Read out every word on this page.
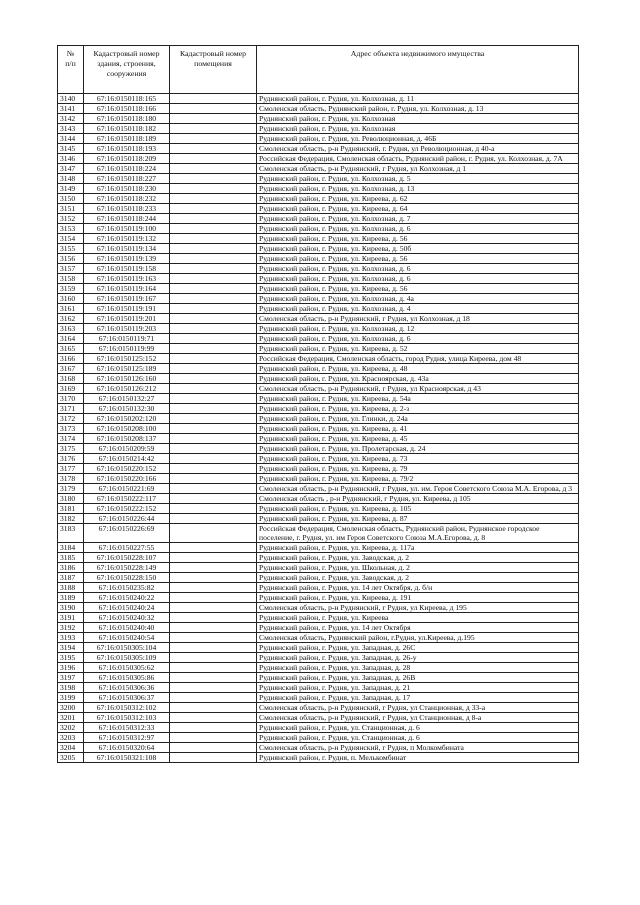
№
п/п	Кадастровый номер здания, строения, сооружения	Кадастровый номер помещения	Адрес объекта недвижимого имущества
3140	67:16:0150118:165		Руднянский район, г. Рудня, ул. Колхозная, д. 11
3141	67:16:0150118:166		Смоленская область, Руднянский район, г. Рудня, ул. Колхозная, д. 13
3142	67:16:0150118:180		Руднянский район, г. Рудня, ул. Колхозная
3143	67:16:0150118:182		Руднянский район, г. Рудня, ул. Колхозная
3144	67:16:0150118:189		Руднянский район, г. Рудня, ул. Революционная, д. 46Б
3145	67:16:0150118:193		Смоленская область, р-н Руднянский, г. Рудня, ул Революционная, д 40-а
3146	67:16:0150118:209		Российская Федерация, Смоленская область, Руднянский район, г. Рудня, ул. Колхозная, д. 7А
3147	67:16:0150118:224		Смоленская область, р-н Руднянский, г Рудня, ул Колхозная, д 1
3148	67:16:0150118:227		Руднянский район, г. Рудня, ул. Колхозная, д. 5
3149	67:16:0150118:230		Руднянский район, г. Рудня, ул. Колхозная, д. 13
3150	67:16:0150118:232		Руднянский район, г. Рудня, ул. Киреева, д. 62
3151	67:16:0150118:233		Руднянский район, г. Рудня, ул. Киреева, д. 64
3152	67:16:0150118:244		Руднянский район, г. Рудня, ул. Колхозная, д. 7
3153	67:16:0150119:100		Руднянский район, г. Рудня, ул. Колхозная, д. 6
3154	67:16:0150119:132		Руднянский район, г. Рудня, ул. Киреева, д. 56
3155	67:16:0150119:134		Руднянский район, г. Рудня, ул. Киреева, д. 50б
3156	67:16:0150119:139		Руднянский район, г. Рудня, ул. Киреева, д. 56
3157	67:16:0150119:158		Руднянский район, г. Рудня, ул. Колхозная, д. 6
3158	67:16:0150119:163		Руднянский район, г. Рудня, ул. Колхозная, д. 6
3159	67:16:0150119:164		Руднянский район, г. Рудня, ул. Киреева, д. 56
3160	67:16:0150119:167		Руднянский район, г. Рудня, ул. Колхозная, д. 4а
3161	67:16:0150119:191		Руднянский район, г. Рудня, ул. Колхозная, д. 4
3162	67:16:0150119:201		Смоленская область, р-н Руднянский, г Рудня, ул Колхозная, д 18
3163	67:16:0150119:203		Руднянский район, г. Рудня, ул. Колхозная, д. 12
3164	67:16:0150119:71		Руднянский район, г. Рудня, ул. Колхозная, д. 6
3165	67:16:0150119:99		Руднянский район, г. Рудня, ул. Киреева, д. 52
3166	67:16:0150125:152		Российская Федерация, Смоленская область, город Рудня, улица Киреева, дом 48
3167	67:16:0150125:189		Руднянский район, г. Рудня, ул. Киреева, д. 48
3168	67:16:0150126:160		Руднянский район, г. Рудня, ул. Красноярская, д. 43а
3169	67:16:0150126:212		Смоленская область, р-н Руднянский, г Рудня, ул Красноярская, д 43
3170	67:16:0150132:27		Руднянский район, г. Рудня, ул. Киреева, д. 54а
3171	67:16:0150132:30		Руднянский район, г. Рудня, ул. Киреева, д. 2-з
3172	67:16:0150202:120		Руднянский район, г. Рудня, ул. Глинки, д. 24а
3173	67:16:0150208:100		Руднянский район, г. Рудня, ул. Киреева, д. 41
3174	67:16:0150208:137		Руднянский район, г. Рудня, ул. Киреева, д. 45
3175	67:16:0150209:59		Руднянский район, г. Рудня, ул. Пролетарская, д. 24
3176	67:16:0150214:42		Руднянский район, г. Рудня, ул. Киреева, д. 73
3177	67:16:0150220:152		Руднянский район, г. Рудня, ул. Киреева, д. 79
3178	67:16:0150220:166		Руднянский район, г. Рудня, ул. Киреева, д. 79/2
3179	67:16:0150221:69		Смоленская область, р-н Руднянский, г Рудня, ул. им. Героя Советского Союза М.А. Егорова, д 3
3180	67:16:0150222:117		Смоленская область , р-н Руднянский, г Рудня, ул. Киреева, д 105
3181	67:16:0150222:152		Руднянский район, г. Рудня, ул. Киреева, д. 105
3182	67:16:0150226:44		Руднянский район, г. Рудня, ул. Киреева, д. 87
3183	67:16:0150226:69		Российская Федерация, Смоленская область, Руднянский район, Руднянское городское поселение, г. Рудня, ул. им Героя Советского Союза М.А.Егорова, д. 8
3184	67:16:0150227:55		Руднянский район, г. Рудня, ул. Киреева, д. 117а
3185	67:16:0150228:107		Руднянский район, г. Рудня, ул. Заводская, д. 2
3186	67:16:0150228:149		Руднянский район, г. Рудня, ул. Школьная, д. 2
3187	67:16:0150228:150		Руднянский район, г. Рудня, ул. Заводская, д. 2
3188	67:16:0150235:82		Руднянский район, г. Рудня, ул. 14 лет Октября, д. б/н
3189	67:16:0150240:22		Руднянский район, г. Рудня, ул. Киреева, д. 191
3190	67:16:0150240:24		Смоленская область, р-н Руднянский, г Рудня, ул Киреева, д 195
3191	67:16:0150240:32		Руднянский район, г. Рудня, ул. Киреева
3192	67:16:0150240:40		Руднянский район, г. Рудня, ул. 14 лет Октября
3193	67:16:0150240:54		Смоленская область, Руднянский район, г.Рудня, ул.Киреева, д.195
3194	67:16:0150305:104		Руднянский район, г. Рудня, ул. Западная, д. 26С
3195	67:16:0150305:109		Руднянский район, г. Рудня, ул. Западная, д. 26-у
3196	67:16:0150305:62		Руднянский район, г. Рудня, ул. Западная, д. 28
3197	67:16:0150305:86		Руднянский район, г. Рудня, ул. Западная, д. 26В
3198	67:16:0150306:36		Руднянский район, г. Рудня, ул. Западная, д. 21
3199	67:16:0150306:37		Руднянский район, г. Рудня, ул. Западная, д. 17
3200	67:16:0150312:102		Смоленская область, р-н Руднянский, г Рудня, ул Станционная, д 33-а
3201	67:16:0150312:103		Смоленская область, р-н Руднянский, г Рудня, ул Станционная, д 8-а
3202	67:16:0150312:33		Руднянский район, г. Рудня, ул. Станционная, д. 6
3203	67:16:0150312:97		Руднянский район, г. Рудня, ул. Станционная, д. 6
3204	67:16:0150320:64		Смоленская область, р-н Руднянский, г Рудня, п Молкомбината
3205	67:16:0150321:108		Руднянский район, г. Рудня, п. Мелькомбинат
